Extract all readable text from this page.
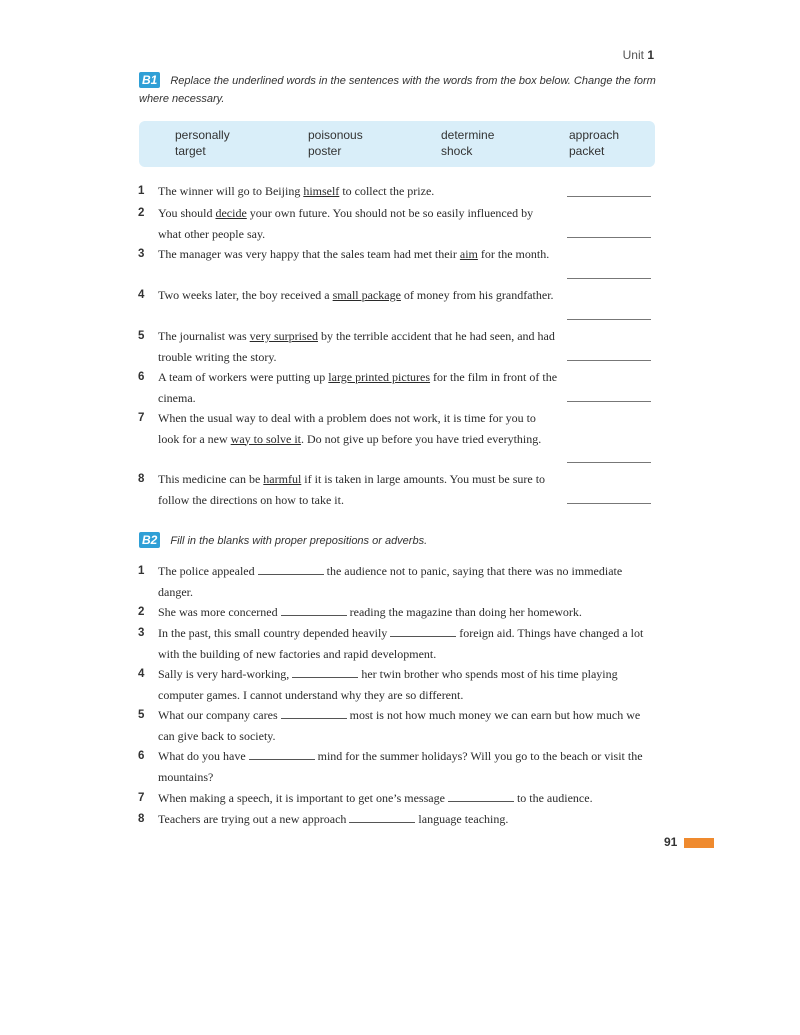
Unit 1
B1 Replace the underlined words in the sentences with the words from the box below. Change the form where necessary.
personally	poisonous	determine	approach
target	poster	shock	packet
1 The winner will go to Beijing himself to collect the prize.
2 You should decide your own future. You should not be so easily influenced by what other people say.
3 The manager was very happy that the sales team had met their aim for the month.
4 Two weeks later, the boy received a small package of money from his grandfather.
5 The journalist was very surprised by the terrible accident that he had seen, and had trouble writing the story.
6 A team of workers were putting up large printed pictures for the film in front of the cinema.
7 When the usual way to deal with a problem does not work, it is time for you to look for a new way to solve it. Do not give up before you have tried everything.
8 This medicine can be harmful if it is taken in large amounts. You must be sure to follow the directions on how to take it.
B2 Fill in the blanks with proper prepositions or adverbs.
1 The police appealed	the audience not to panic, saying that there was no immediate danger.
2 She was more concerned	reading the magazine than doing her homework.
3 In the past, this small country depended heavily	foreign aid. Things have changed a lot with the building of new factories and rapid development.
4 Sally is very hard-working,	her twin brother who spends most of his time playing computer games. I cannot understand why they are so different.
5 What our company cares	most is not how much money we can earn but how much we can give back to society.
6 What do you have	mind for the summer holidays? Will you go to the beach or visit the mountains?
7 When making a speech, it is important to get one’s message	to the audience.
8 Teachers are trying out a new approach	language teaching.
91
